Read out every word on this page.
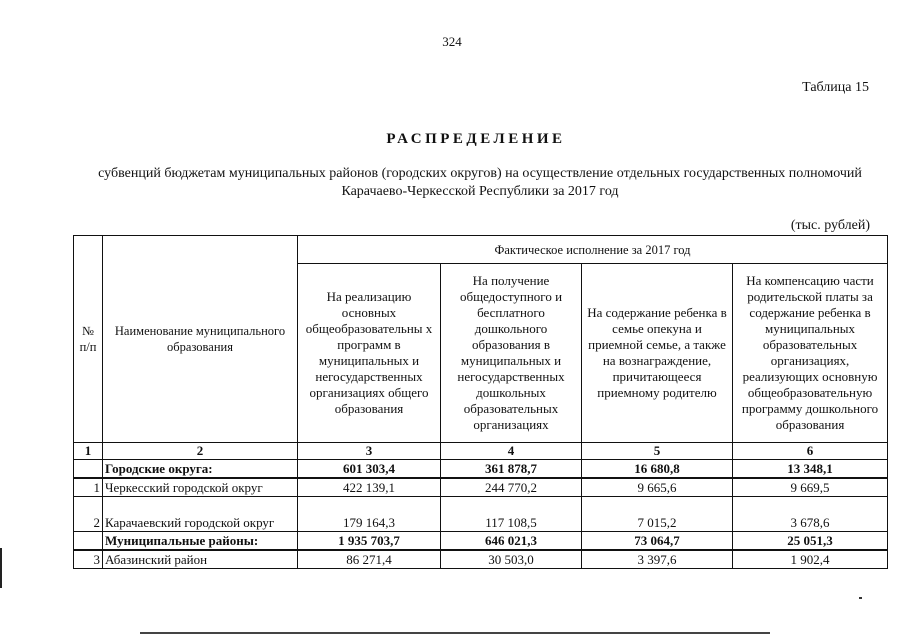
324
Таблица 15
РАСПРЕДЕЛЕНИЕ
субвенций бюджетам муниципальных районов (городских округов) на осуществление отдельных государственных полномочий Карачаево-Черкесской Республики за 2017 год
(тыс. рублей)
№ п/п	Наименование муниципального образования	Фактическое исполнение за 2017 год			
		На реализацию основных общеобразовательны х программ в муниципальных и негосударственных организациях общего образования	На получение общедоступного и бесплатного дошкольного образования в муниципальных и негосударственных дошкольных образовательных организациях	На содержание ребенка в семье опекуна и приемной семье, а также на вознаграждение, причитающееся приемному родителю	На компенсацию части родительской платы за содержание ребенка в муниципальных образовательных организациях, реализующих основную общеобразовательную программу дошкольного образования
1	2	3	4	5	6
	Городские округа:	601 303,4	361 878,7	16 680,8	13 348,1
1	Черкесский городской округ	422 139,1	244 770,2	9 665,6	9 669,5
2	Карачаевский городской округ	179 164,3	117 108,5	7 015,2	3 678,6
	Муниципальные районы:	1 935 703,7	646 021,3	73 064,7	25 051,3
3	Абазинский район	86 271,4	30 503,0	3 397,6	1 902,4
